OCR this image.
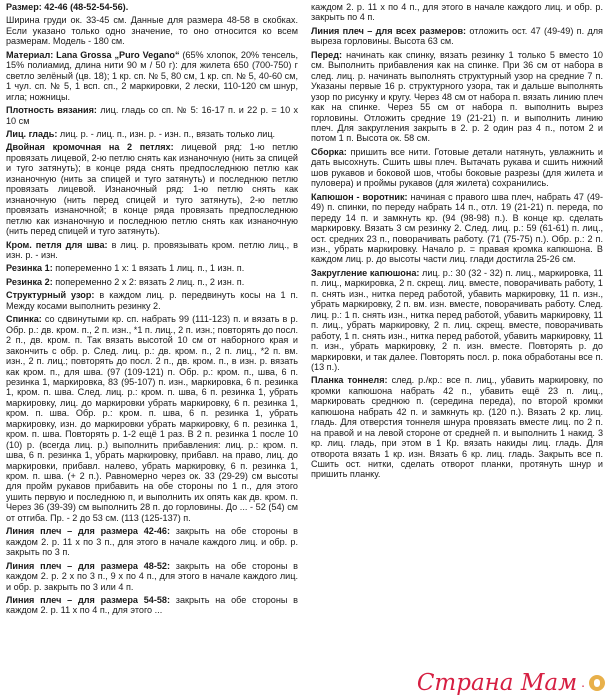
Размер: 42-46 (48-52-54-56).
Ширина груди ок. 33-45 см. Данные для размера 48-58 в скобках. Если указано только одно значение, то оно относится ко всем размерам. Модель - 180 см.
Материал: Lana Grossa „Puro Vegano“ (65% хлопок, 20% тенсель, 15% полиамид, длина нити 90 м / 50 г): для жилета 650 (700-750) г светло зелёный (цв. 18); 1 кр. сп. № 5, 80 см, 1 кр. сп. № 5, 40-60 см, 1 чул. сп. № 5, 1 всп. сп., 2 маркировки, 2 лески, 110-120 см шнур, игла; ножницы.
Плотность вязания: лиц. гладь со сп. № 5: 16-17 п. и 22 р. = 10 х 10 см
Лиц. гладь: лиц. р. - лиц. п., изн. р. - изн. п., вязать только лиц.
Двойная кромочная на 2 петлях: лицевой ряд: 1-ю петлю провязать лицевой, 2-ю петлю снять как изнаночную (нить за спицей и туго затянуть); в конце ряда снять предпоследнюю петлю как изнаночную (нить за спицей и туго затянуть) и последнюю петлю провязать лицевой. Изнаночный ряд: 1-ю петлю снять как изнаночную (нить перед спицей и туго затянуть), 2-ю петлю провязать изнаночной; в конце ряда провязать предпоследнюю петлю как изнаночную и последнюю петлю снять как изнаночную (нить перед спицей и туго затянуть).
Кром. петля для шва: в лиц. р. провязывать кром. петлю лиц., в изн. р. - изн.
Резинка 1: попеременно 1 х: 1 вязать 1 лиц. п., 1 изн. п.
Резинка 2: попеременно 2 х 2: вязать 2 лиц. п., 2 изн. п.
Структурный узор: в каждом лиц. р. передвинуть косы на 1 п. Между косами выполнить резинку 2.
Спинка: со сдвинутыми кр. сп. набрать 99 (111-123) п. и вязать в р. Обр. р.: дв. кром. п., 2 п. изн., *1 п. лиц., 2 п. изн.; повторять до посл. 2 п., дв. кром. п. Так вязать высотой 10 см от наборного края и закончить с обр. р. След. лиц. р.: дв. кром. п., 2 п. лиц., *2 п. вм. изн., 2 п. лиц.; повторять до посл. 2 п., дв. кром. п., в изн. р. вязать как кром. п., для шва. (97 (109-121) п. Обр. р.: кром. п., шва, 6 п. резинка 1, маркировка, 83 (95-107) п. изн., маркировка, 6 п. резинка 1, кром. п. шва. След. лиц. р.: кром. п. шва, 6 п. резинка 1, убрать маркировку, лиц. до маркировки убрать маркировку, 6 п. резинка 1, кром. п. шва. Обр. р.: кром. п. шва, 6 п. резинка 1, убрать маркировку, изн. до маркировки убрать маркировку, 6 п. резинка 1, кром. п. шва. Повторять р. 1-2 ещё 1 раз. В 2 п. резинка 1 после 10 (10) р. (всегда лиц. р.) выполнить прибавления: лиц. р.: кром. п. шва, 6 п. резинка 1, убрать маркировку, прибавл. на право, лиц. до маркировки, прибавл. налево, убрать маркировку, 6 п. резинка 1, кром. п. шва. (+ 2 п.). Равномерно через ок. 33 (29-29) см высоты для пройм рукавов прибавить на обе стороны по 1 п., для этого ушить первую и последнюю п, и выполнить их опять как дв. кром. п. Через 36 (39-39) см выполнить 28 п. до горловины. До ... - 52 (54) см от отгиба. Пр. - 2 до 53 см. (113 (125-137) п.
Линия плеч – для размера 42-46: закрыть на обе стороны в каждом 2. р. 11 х по 3 п., для этого в начале каждого лиц. и обр. р. закрыть по 3 п.
Линия плеч – для размера 48-52: закрыть на обе стороны в каждом 2. р. 2 х по 3 п., 9 х по 4 п., для этого в начале каждого лиц. и обр. р. закрыть по 3 или 4 п.
Линия плеч – для размера 54-58: закрыть на обе стороны в каждом 2. р. 11 х по 4 п., для этого ...
каждом 2. р. 11 х по 4 п., для этого в начале каждого лиц. и обр. р. закрыть по 4 п.
Линия плеч – для всех размеров: отложить ост. 47 (49-49) п. для выреза горловины. Высота 63 см.
Перед: начинать как спинку, вязать резинку 1 только 5 вместо 10 см. Выполнить прибавления как на спинке. При 36 см от набора в след. лиц. р. начинать выполнять структурный узор на средние 7 п. Указаны первые 16 р. структурного узора, так и дальше выполнять узор по рисунку и кругу. Через 48 см от набора п. вязать линию плеч как на спинке. Через 55 см от набора п. выполнить вырез горловины. Отложить средние 19 (21-21) п. и выполнить линию плеч. Для закругления закрыть в 2. р. 2 один раз 4 п., потом 2 и потом 1 п. Высота ок. 58 см.
Сборка: пришить все нити. Готовые детали натянуть, увлажнить и дать высохнуть. Сшить швы плеч. Вытачать рукава и сшить нижний шов рукавов и боковой шов, чтобы боковые разрезы (для жилета и пуловера) и проймы рукавов (для жилета) сохранились.
Капюшон - воротник: начиная с правого шва плеч, набрать 47 (49-49) п. спинки, по переду набрать 14 п., отл. 19 (21-21) п. переда, по переду 14 п. и замкнуть кр. (94 (98-98) п.). В конце кр. сделать маркировку. Вязать 3 см резинку 2. След. лиц. р.: 59 (61-61) п. лиц., ост. средних 23 п., поворачивать работу. (71 (75-75) п.). Обр. р.: 2 п. изн., убрать маркировку. Начало р. = правая кромка капюшона. В каждом лиц. р. до высоты части лиц. глади достигла 25-26 см.
Закругление капюшона: лиц. р.: 30 (32 - 32) п. лиц., маркировка, 11 п. лиц., маркировка, 2 п. скрещ. лиц. вместе, поворачивать работу, 1 п. снять изн., нитка перед работой, убавить маркировку, 11 п. изн., убрать маркировку, 2 п. вм. изн. вместе, поворачивать работу. След. лиц. р.: 1 п. снять изн., нитка перед работой, убавить маркировку, 11 п. лиц., убрать маркировку, 2 п. лиц. скрещ. вместе, поворачивать работу, 1 п. снять изн., нитка перед работой, убавить маркировку, 11 п. изн., убрать маркировку, 2 п. изн. вместе. Повторять р. до маркировки, и так далее. Повторять посл. р. пока обработаны все п. (13 п.).
Планка тоннеля: след. р./кр.: все п. лиц., убавить маркировку, по кромки капюшона набрать 42 п., убавить ещё 23 п. лиц., маркировать среднюю п. (середина переда), по второй кромки капюшона набрать 42 п. и замкнуть кр. (120 п.). Вязать 2 кр. лиц. гладь. Для отверстия тоннеля шнура провязать вместе лиц. по 2 п. на правой и на левой стороне от средней п. и выполнить 1 накид. 3 кр. лиц. гладь, при этом в 1 Кр. вязать накиды лиц. гладь. Для отворота вязать 1 кр. изн. Вязать 6 кр. лиц. гладь. Закрыть все п. Сшить ост. нитки, сделать отворот планки, протянуть шнур и пришить планку.
Страна Мам .
